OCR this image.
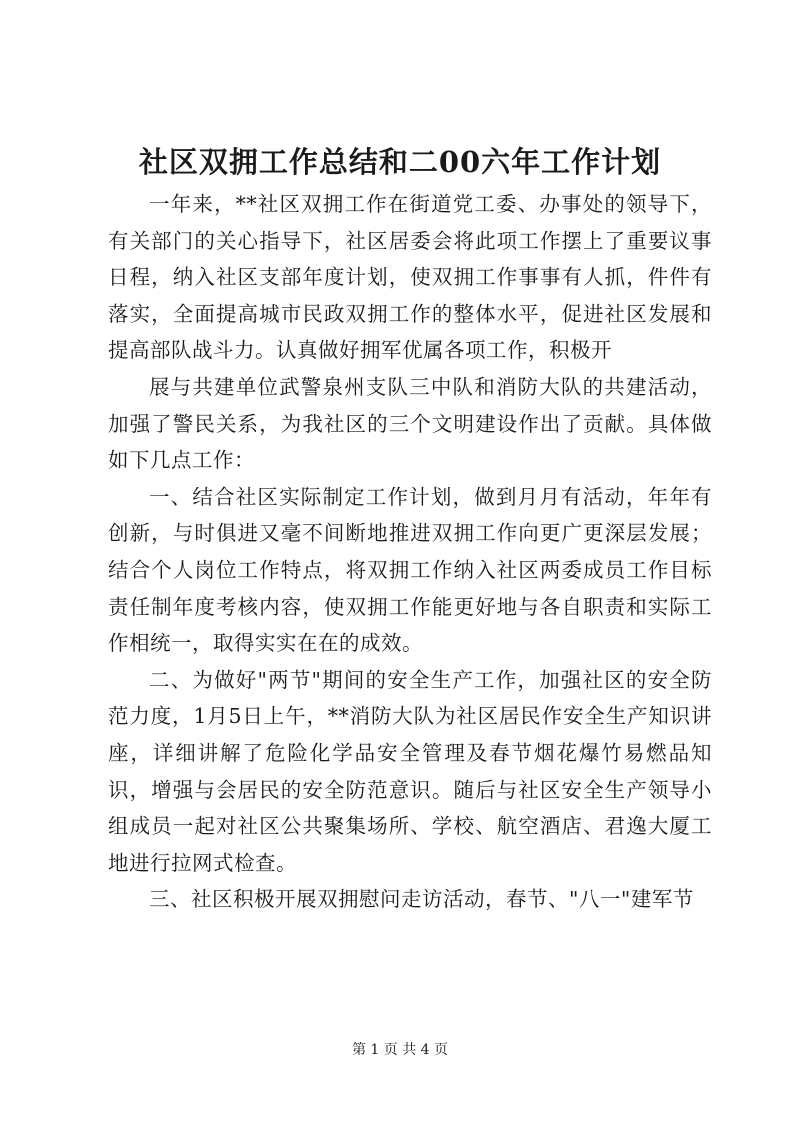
社区双拥工作总结和二00六年工作计划

一年来，**社区双拥工作在街道党工委、办事处的领导下，有关部门的关心指导下，社区居委会将此项工作摆上了重要议事日程，纳入社区支部年度计划，使双拥工作事事有人抓，件件有落实，全面提高城市民政双拥工作的整体水平，促进社区发展和提高部队战斗力。认真做好拥军优属各项工作，积极开

展与共建单位武警泉州支队三中队和消防大队的共建活动，加强了警民关系，为我社区的三个文明建设作出了贡献。具体做如下几点工作：

一、结合社区实际制定工作计划，做到月月有活动，年年有创新，与时俱进又毫不间断地推进双拥工作向更广更深层发展；结合个人岗位工作特点，将双拥工作纳入社区两委成员工作目标责任制年度考核内容，使双拥工作能更好地与各自职责和实际工作相统一，取得实实在在的成效。

二、为做好"两节"期间的安全生产工作，加强社区的安全防范力度，1月5日上午，**消防大队为社区居民作安全生产知识讲座，详细讲解了危险化学品安全管理及春节烟花爆竹易燃品知识，增强与会居民的安全防范意识。随后与社区安全生产领导小组成员一起对社区公共聚集场所、学校、航空酒店、君逸大厦工地进行拉网式检查。

三、社区积极开展双拥慰问走访活动，春节、"八一"建军节

第 1 页 共 4 页
